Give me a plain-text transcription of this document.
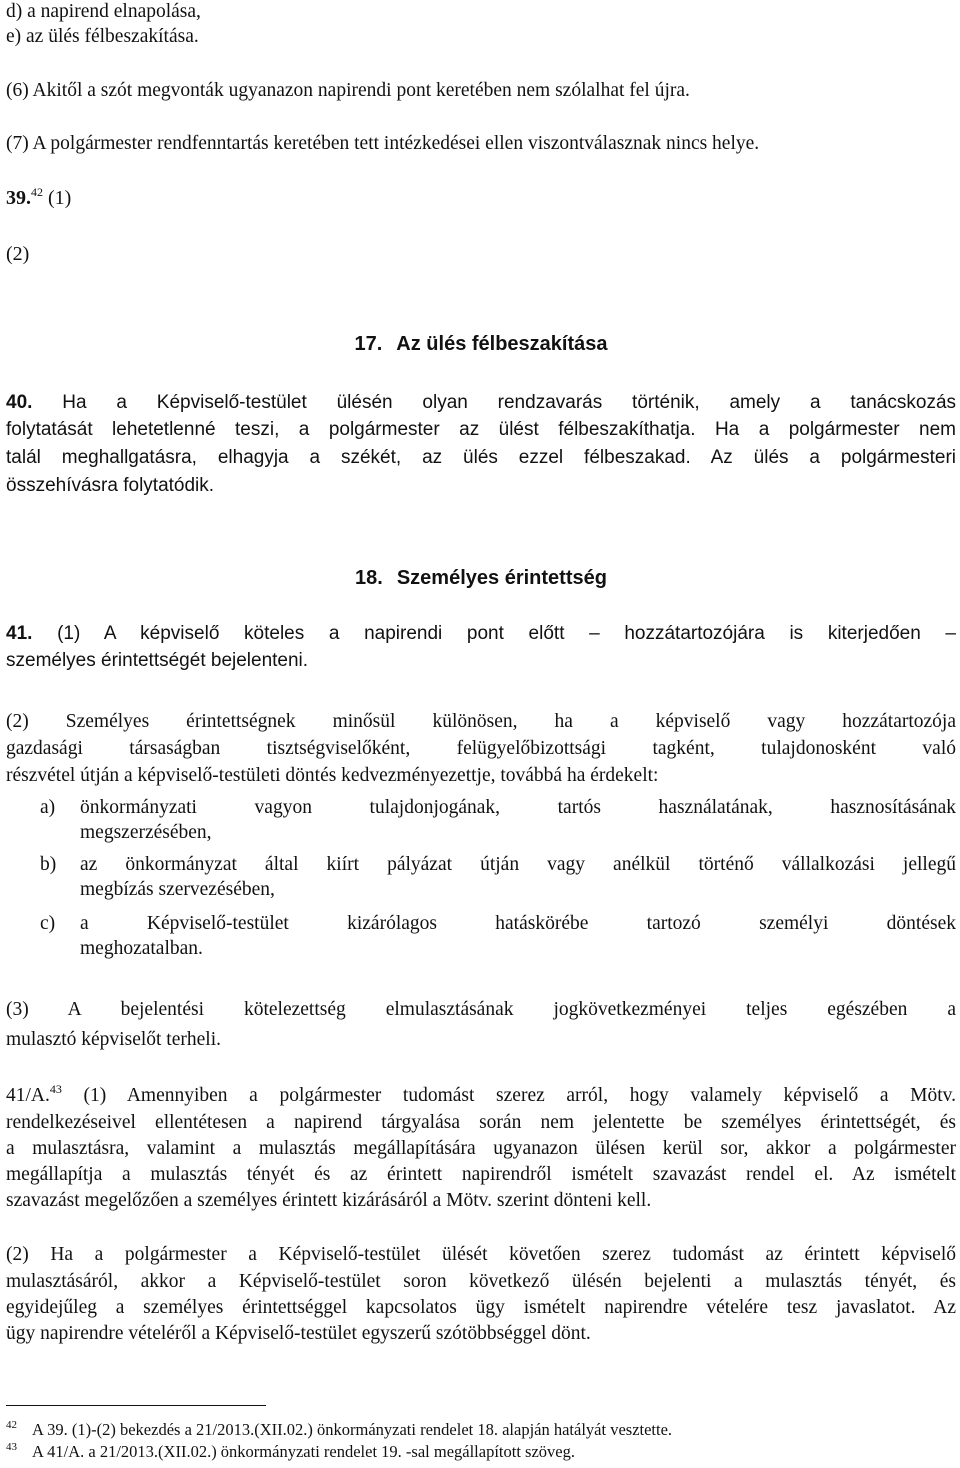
d) a napirend elnapolása,
e) az ülés félbeszakítása.
(6) Akitől a szót megvonták ugyanazon napirendi pont keretében nem szólalhat fel újra.
(7) A polgármester rendfenntartás keretében tett intézkedései ellen viszontválasznak nincs helye.
39.42 (1)
(2)
17. Az ülés félbeszakítása
40. Ha a Képviselő-testület ülésén olyan rendzavarás történik, amely a tanácskozás
folytatását lehetetlenné teszi, a polgármester az ülést félbeszakíthatja. Ha a polgármester nem
talál meghallgatásra, elhagyja a székét, az ülés ezzel félbeszakad. Az ülés a polgármesteri
összehívásra folytatódik.
18. Személyes érintettség
41. (1) A képviselő köteles a napirendi pont előtt – hozzátartozójára is kiterjedően –
személyes érintettségét bejelenteni.
(2) Személyes érintettségnek minősül különösen, ha a képviselő vagy hozzátartozója
gazdasági társaságban tisztségviselőként, felügyelőbizottsági tagként, tulajdonosként való
részvétel útján a képviselő-testületi döntés kedvezményezettje, továbbá ha érdekelt:
a)	önkormányzati vagyon tulajdonjogának, tartós használatának, hasznosításának
megszerzésében,
b)	az önkormányzat által kiírt pályázat útján vagy anélkül történő vállalkozási jellegű
megbízás szervezésében,
c)	a Képviselő-testület kizárólagos hatáskörébe tartozó személyi döntések
meghozatalban.
(3) A bejelentési kötelezettség elmulasztásának jogkövetkezményei teljes egészében a
mulasztó képviselőt terheli.
41/A.$^{43}$ (1) Amennyiben a polgármester tudomást szerez arról, hogy valamely képviselő a Mötv.
rendelkezéseivel ellentétesen a napirend tárgyalása során nem jelentette be személyes érintettségét, és
a mulasztásra, valamint a mulasztás megállapítására ugyanazon ülésen kerül sor, akkor a polgármester
megállapítja a mulasztás tényét és az érintett napirendről ismételt szavazást rendel el. Az ismételt
szavazást megelőzően a személyes érintett kizárásáról a Mötv. szerint dönteni kell.
(2) Ha a polgármester a Képviselő-testület ülését követően szerez tudomást az érintett képviselő
mulasztásáról, akkor a Képviselő-testület soron következő ülésén bejelenti a mulasztás tényét, és
egyidejűleg a személyes érintettséggel kapcsolatos ügy ismételt napirendre vételére tesz javaslatot. Az
ügy napirendre vételéről a Képviselő-testület egyszerű szótöbbséggel dönt.
$^{42}$ A 39. (1)-(2) bekezdés a 21/2013.(XII.02.) önkormányzati rendelet 18. alapján hatályát vesztette.
$^{43}$ A 41/A. a 21/2013.(XII.02.) önkormányzati rendelet 19. -sal megállapított szöveg.
